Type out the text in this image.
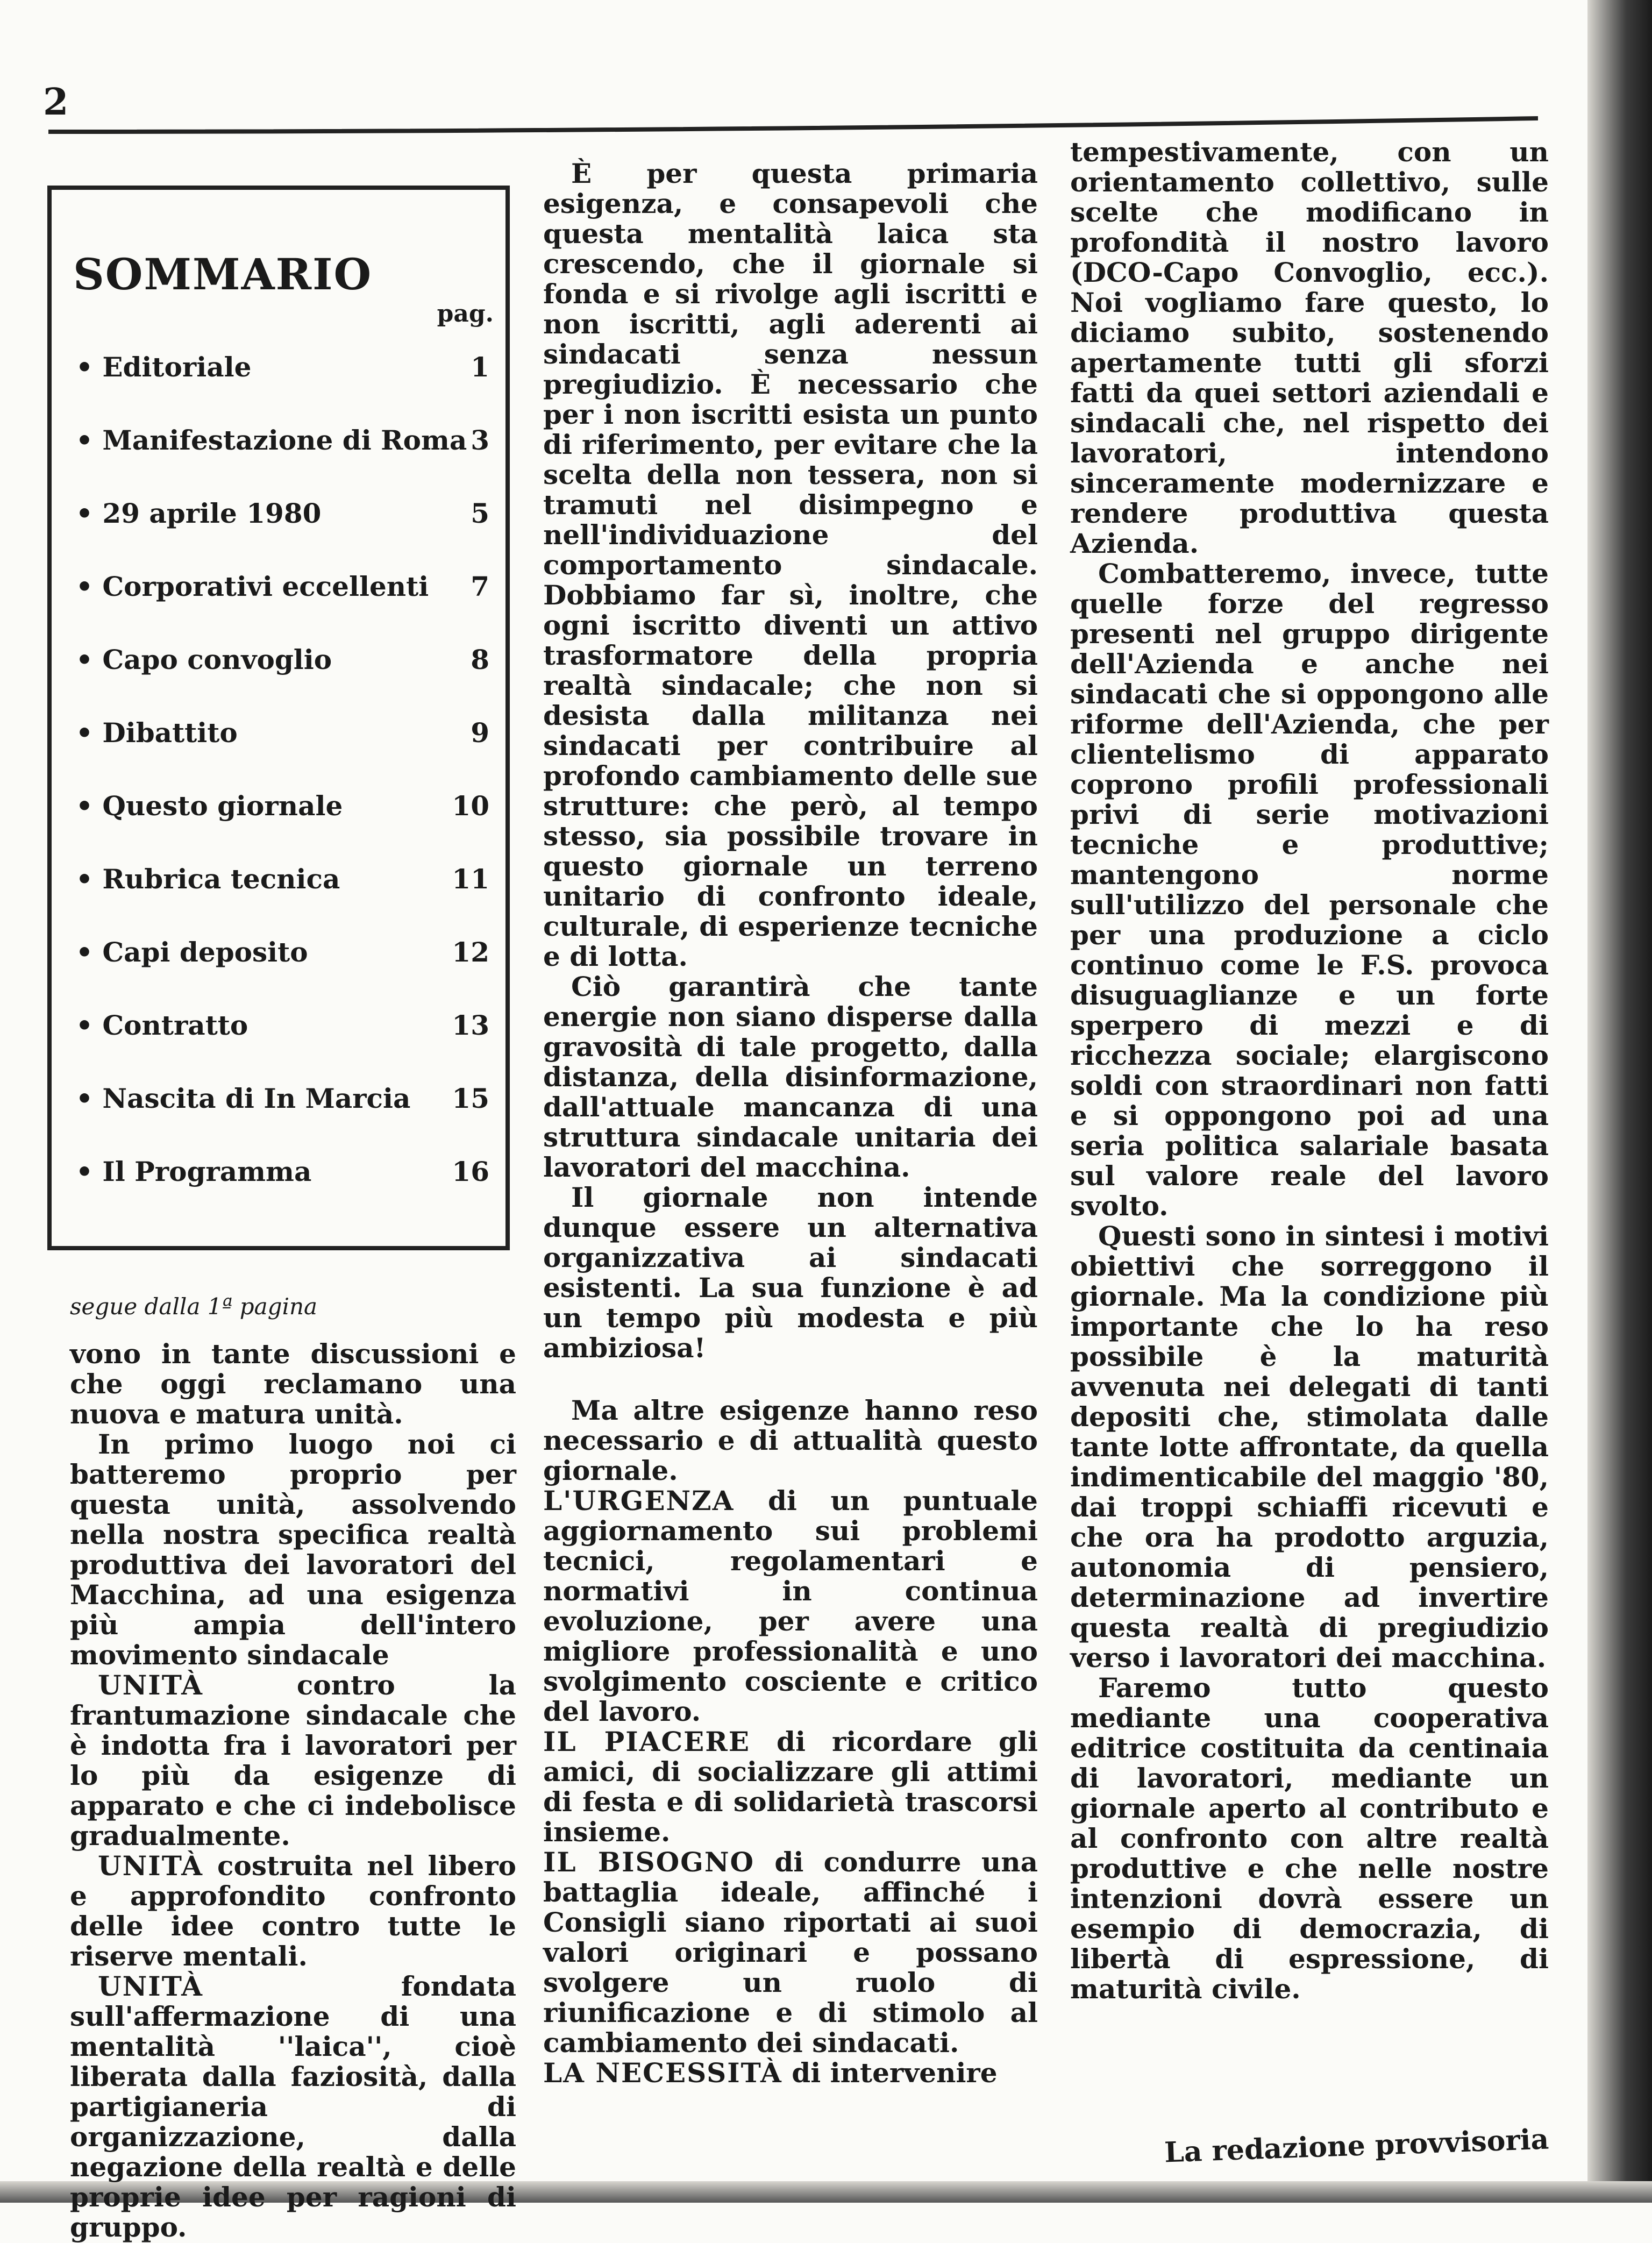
2
SOMMARIO
pag.
• Editoriale	1
• Manifestazione di Roma 3
• 29 aprile 1980	5
• Corporativi eccellenti 7
• Capo convoglio	8
• Dibattito	9
• Questo giornale	10
• Rubrica tecnica	11
• Capi deposito	12
• Contratto	13
• Nascita di In Marcia 15
• Il Programma	16
segue dalla 1ª pagina

vono in tante discussioni e che oggi reclamano una nuova e matura unità.

In primo luogo noi ci batteremo proprio per questa unità, assolvendo nella nostra specifica realtà produttiva dei lavoratori del Macchina, ad una esigenza più ampia dell'intero movimento sindacale

UNITÀ contro la frantumazione sindacale che è indotta fra i lavoratori per lo più da esigenze di apparato e che ci indebolisce gradualmente.

UNITÀ costruita nel libero e approfondito confronto delle idee contro tutte le riserve mentali.

UNITÀ fondata sull'affermazione di una mentalità ''laica'', cioè liberata dalla faziosità, dalla partigianeria di organizzazione, dalla negazione della realtà e delle proprie idee per ragioni di gruppo.

È per questa primaria esigenza, e consapevoli che questa mentalità laica sta crescendo, che il giornale si fonda e si rivolge agli iscritti e non iscritti, agli aderenti ai sindacati senza nessun pregiudizio. È necessario che per i non iscritti esista un punto di riferimento, per evitare che la scelta della non tessera, non si tramuti nel disimpegno e nell'individuazione del comportamento sindacale. Dobbiamo far sì, inoltre, che ogni iscritto diventi un attivo trasformatore della propria realtà sindacale; che non si desista dalla militanza nei sindacati per contribuire al profondo cambiamento delle sue strutture: che però, al tempo stesso, sia possibile trovare in questo giornale un terreno unitario di confronto ideale, culturale, di esperienze tecniche e di lotta.

Ciò garantirà che tante energie non siano disperse dalla gravosità di tale progetto, dalla distanza, della disinformazione, dall'attuale mancanza di una struttura sindacale unitaria dei lavoratori del macchina.

Il giornale non intende dunque essere un alternativa organizzativa ai sindacati esistenti. La sua funzione è ad un tempo più modesta e più ambiziosa!

Ma altre esigenze hanno reso necessario e di attualità questo giornale.

L'URGENZA di un puntuale aggiornamento sui problemi tecnici, regolamentari e normativi in continua evoluzione, per avere una migliore professionalità e uno svolgimento cosciente e critico del lavoro.

IL PIACERE di ricordare gli amici, di socializzare gli attimi di festa e di solidarietà trascorsi insieme.

IL BISOGNO di condurre una battaglia ideale, affinché i Consigli siano riportati ai suoi valori originari e possano svolgere un ruolo di riunificazione e di stimolo al cambiamento dei sindacati.

LA NECESSITÀ di intervenire

tempestivamente, con un orientamento collettivo, sulle scelte che modificano in profondità il nostro lavoro (DCO-Capo Convoglio, ecc.). Noi vogliamo fare questo, lo diciamo subito, sostenendo apertamente tutti gli sforzi fatti da quei settori aziendali e sindacali che, nel rispetto dei lavoratori, intendono sinceramente modernizzare e rendere produttiva questa Azienda.

Combatteremo, invece, tutte quelle forze del regresso presenti nel gruppo dirigente dell'Azienda e anche nei sindacati che si oppongono alle riforme dell'Azienda, che per clientelismo di apparato coprono profili professionali privi di serie motivazioni tecniche e produttive; mantengono norme sull'utilizzo del personale che per una produzione a ciclo continuo come le F.S. provoca disuguaglianze e un forte sperpero di mezzi e di ricchezza sociale; elargiscono soldi con straordinari non fatti e si oppongono poi ad una seria politica salariale basata sul valore reale del lavoro svolto.

Questi sono in sintesi i motivi obiettivi che sorreggono il giornale. Ma la condizione più importante che lo ha reso possibile è la maturità avvenuta nei delegati di tanti depositi che, stimolata dalle tante lotte affrontate, da quella indimenticabile del maggio '80, dai troppi schiaffi ricevuti e che ora ha prodotto arguzia, autonomia di pensiero, determinazione ad invertire questa realtà di pregiudizio verso i lavoratori dei macchina.

Faremo tutto questo mediante una cooperativa editrice costituita da centinaia di lavoratori, mediante un giornale aperto al contributo e al confronto con altre realtà produttive e che nelle nostre intenzioni dovrà essere un esempio di democrazia, di libertà di espressione, di maturità civile.

La redazione provvisoria
